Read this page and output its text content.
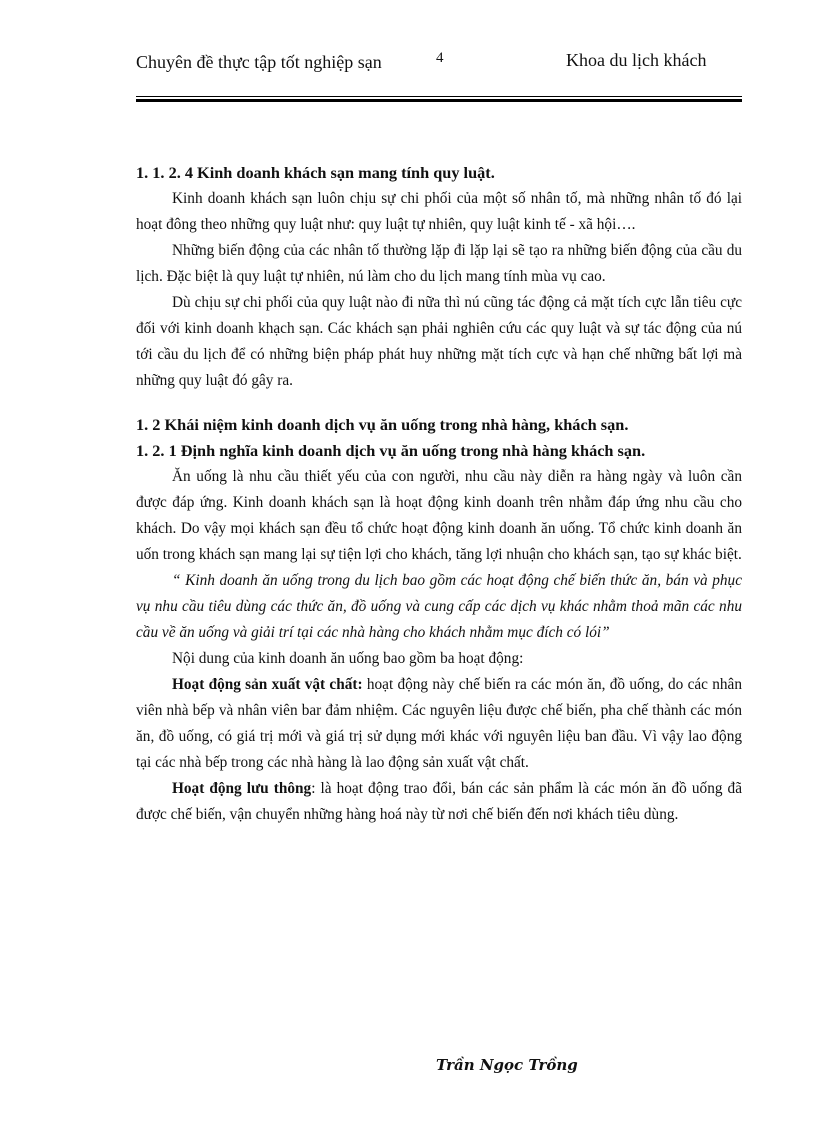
Chuyên đề thực tập tốt nghiệp sạn	4	Khoa du lịch khách

1. 1. 2. 4 Kinh doanh khách sạn mang tính quy luật.

Kinh doanh khách sạn luôn chịu sự chi phối của một số nhân tố, mà những nhân tố đó lại hoạt đông theo những quy luật như: quy luật tự nhiên, quy luật kinh tế - xã hội….

Những biến động của các nhân tố thường lặp đi lặp lại sẽ tạo ra những biến động của cầu du lịch. Đặc biệt là quy luật tự nhiên, nú làm cho du lịch mang tính mùa vụ cao.

Dù chịu sự chi phối của quy luật nào đi nữa thì nú cũng tác động cả mặt tích cực lẫn tiêu cực đối với kinh doanh khạch sạn. Các khách sạn phải nghiên cứu các quy luật và sự tác động của nú tới cầu du lịch để có những biện pháp phát huy những mặt tích cực và hạn chế những bất lợi mà những quy luật đó gây ra.

1. 2 Khái niệm kinh doanh dịch vụ ăn uống trong nhà hàng, khách sạn.

1. 2. 1 Định nghĩa kinh doanh dịch vụ ăn uống trong nhà hàng khách sạn.

Ăn uống là nhu cầu thiết yếu của con người, nhu cầu này diễn ra hàng ngày và luôn cần được đáp ứng. Kinh doanh khách sạn là hoạt động kinh doanh trên nhằm đáp ứng nhu cầu cho khách. Do vậy mọi khách sạn đều tổ chức hoạt động kinh doanh ăn uống. Tổ chức kinh doanh ăn uốn trong khách sạn mang lại sự tiện lợi cho khách, tăng lợi nhuận cho khách sạn, tạo sự khác biệt.

“ Kinh doanh ăn uống trong du lịch bao gồm các hoạt động chế biến thức ăn, bán và phục vụ nhu cầu tiêu dùng các thức ăn, đồ uống và cung cấp các dịch vụ khác nhằm thoả mãn các nhu cầu về ăn uống và giải trí tại các nhà hàng cho khách nhằm mục đích có lói”

Nội dung của kinh doanh ăn uống bao gồm ba hoạt động:

Hoạt động sản xuất vật chất: hoạt động này chế biến ra các món ăn, đồ uống, do các nhân viên nhà bếp và nhân viên bar đảm nhiệm. Các nguyên liệu được chế biến, pha chế thành các món ăn, đồ uống, có giá trị mới và giá trị sử dụng mới khác với nguyên liệu ban đầu. Vì vậy lao động tại các nhà bếp trong các nhà hàng là lao động sản xuất vật chất.

Hoạt động lưu thông: là hoạt động trao đổi, bán các sản phẩm là các món ăn đồ uống đã được chế biến, vận chuyển những hàng hoá này từ nơi chế biến đến nơi khách tiêu dùng.

Trần Ngọc Trồng
